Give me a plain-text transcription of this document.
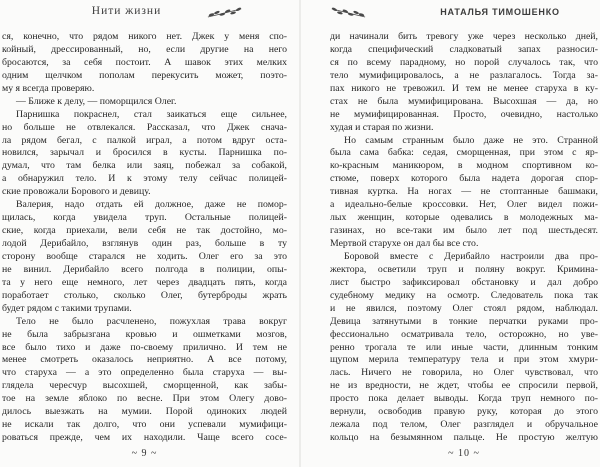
Нити жизни
ся, конечно, что рядом никого нет. Джек у меня спо-
койный, дрессированный, но, если другие на него
бросаются, за себя постоит. А шавок этих мелких
одним щелчком пополам перекусить может, поэто-
му я всегда проверяю.
— Ближе к делу, — поморщился Олег.
Парнишка покраснел, стал заикаться еще сильнее,
но больше не отвлекался. Рассказал, что Джек снача-
ла рядом бегал, с палкой играл, а потом вдруг оста-
новился, зарычал и бросился в кусты. Парнишка по-
думал, что там белка или заяц, побежал за собакой,
а обнаружил тело. И к этому телу сейчас полицей-
ские провожали Борового и девицу.
Валерия, надо отдать ей должное, даже не помор-
щилась, когда увидела труп. Остальные полицей-
ские, когда приехали, вели себя не так достойно, мо-
лодой Дерибайло, взглянув один раз, больше в ту
сторону вообще старался не ходить. Олег его за это
не винил. Дерибайло всего полгода в полиции, опы-
та у него еще немного, лет через двадцать пять, когда
поработает столько, сколько Олег, бутерброды жрать
будет рядом с такими трупами.
Тело не было расчленено, пожухлая трава вокруг
не была забрызгана кровью и ошметками мозгов,
все было тихо и даже по-своему прилично. И тем не
менее смотреть оказалось неприятно. А все потому,
что старуха — а это определенно была старуха — вы-
глядела чересчур высохшей, сморщенной, как забы-
тое на земле яблоко по весне. При этом Олегу дово-
дилось выезжать на мумии. Порой одиноких людей
не искали так долго, что они успевали мумифици-
роваться прежде, чем их находили. Чаще всего сосе-
~ 9 ~
НАТАЛЬЯ ТИМОШЕНКО
ди начинали бить тревогу уже через несколько дней,
когда специфический сладковатый запах разносил-
ся по всему парадному, но порой случалось так, что
тело мумифицировалось, а не разлагалось. Тогда за-
пах никого не тревожил. И тем не менее старуха в ку-
стах не была мумифицирована. Высохшая — да, но
не мумифицированная. Просто, очевидно, настолько
худая и старая по жизни.
Но самым странным было даже не это. Странной
была сама бабка: седая, сморщенная, при этом с яр-
ко-красным маникюром, в модном спортивном ко-
стюме, поверх которого была надета дорогая спор-
тивная куртка. На ногах — не стоптанные башмаки,
а идеально-белые кроссовки. Нет, Олег видел пожи-
лых женщин, которые одевались в молодежных ма-
газинах, но все-таки им было лет под шестьдесят.
Мертвой старухе он дал бы все сто.
Боровой вместе с Дерибайло настроили два про-
жектора, осветили труп и поляну вокруг. Кримина-
лист быстро зафиксировал обстановку и дал добро
судебному медику на осмотр. Следователь пока так
и не явился, поэтому Олег стоял рядом, наблюдал.
Девица затянутыми в тонкие перчатки руками про-
фессионально осматривала тело, осторожно, но уве-
ренно трогала те или иные части, длинным тонким
щупом мерила температуру тела и при этом хмури-
лась. Ничего не говорила, но Олег чувствовал, что
не из вредности, не ждет, чтобы ее спросили первой,
просто пока делает выводы. Когда труп немного по-
вернули, освободив правую руку, которая до этого
лежала под телом, Олег разглядел и обручальное
кольцо на безымянном пальце. Не простую желтую
~ 10 ~
